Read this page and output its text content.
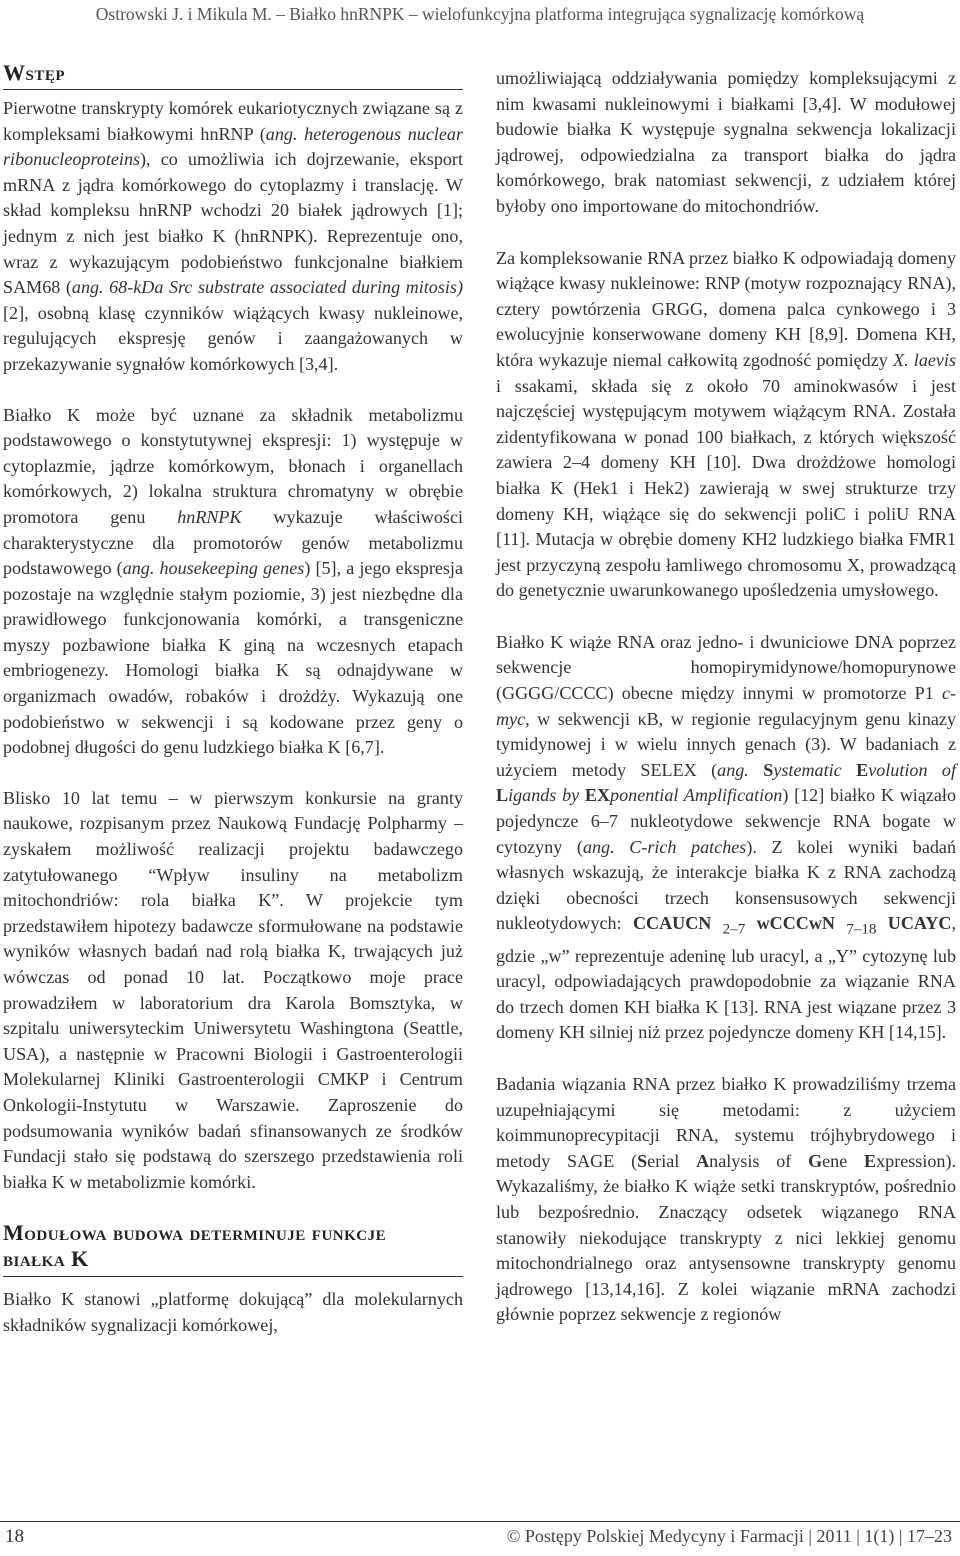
Ostrowski J. i Mikula M. – Białko hnRNPK – wielofunkcyjna platforma integrująca sygnalizację komórkową
Wstęp

Pierwotne transkrypty komórek eukariotycznych związane są z kompleksami białkowymi hnRNP (ang. heterogenous nuclear ribonucleoproteins), co umożliwia ich dojrzewanie, eksport mRNA z jądra komórkowego do cytoplazmy i translację. W skład kompleksu hnRNP wchodzi 20 białek jądrowych [1]; jednym z nich jest białko K (hnRNPK). Reprezentuje ono, wraz z wykazującym podobieństwo funkcjonalne białkiem SAM68 (ang. 68-kDa Src substrate associated during mitosis) [2], osobną klasę czynników wiążących kwasy nukleinowe, regulujących ekspresję genów i zaangażowanych w przekazywanie sygnałów komórkowych [3,4].

Białko K może być uznane za składnik metabolizmu podstawowego o konstytutywnej ekspresji: 1) występuje w cytoplazmie, jądrze komórkowym, błonach i organellach komórkowych, 2) lokalna struktura chromatyny w obrębie promotora genu hnRNPK wykazuje właściwości charakterystyczne dla promotorów genów metabolizmu podstawowego (ang. housekeeping genes) [5], a jego ekspresja pozostaje na względnie stałym poziomie, 3) jest niezbędne dla prawidłowego funkcjonowania komórki, a transgeniczne myszy pozbawione białka K giną na wczesnych etapach embriogenezy. Homologi białka K są odnajdywane w organizmach owadów, robaków i drożdży. Wykazują one podobieństwo w sekwencji i są kodowane przez geny o podobnej długości do genu ludzkiego białka K [6,7].

Blisko 10 lat temu – w pierwszym konkursie na granty naukowe, rozpisanym przez Naukową Fundację Polpharmy – zyskałem możliwość realizacji projektu badawczego zatytułowanego “Wpływ insuliny na metabolizm mitochondriów: rola białka K”. W projekcie tym przedstawiłem hipotezy badawcze sformułowane na podstawie wyników własnych badań nad rolą białka K, trwających już wówczas od ponad 10 lat. Początkowo moje prace prowadziłem w laboratorium dra Karola Bomsztyka, w szpitalu uniwersyteckim Uniwersytetu Washingtona (Seattle, USA), a następnie w Pracowni Biologii i Gastroenterologii Molekularnej Kliniki Gastroenterologii CMKP i Centrum Onkologii-Instytutu w Warszawie. Zaproszenie do podsumowania wyników badań sfinansowanych ze środków Fundacji stało się podstawą do szerszego przedstawienia roli białka K w metabolizmie komórki.

Modułowa budowa determinuje funkcje
białka K

Białko K stanowi „platformę dokującą” dla molekularnych składników sygnalizacji komórkowej,

umożliwiającą oddziaływania pomiędzy kompleksującymi z nim kwasami nukleinowymi i białkami [3,4]. W modułowej budowie białka K występuje sygnalna sekwencja lokalizacji jądrowej, odpowiedzialna za transport białka do jądra komórkowego, brak natomiast sekwencji, z udziałem której byłoby ono importowane do mitochondriów.

Za kompleksowanie RNA przez białko K odpowiadają domeny wiążące kwasy nukleinowe: RNP (motyw rozpoznający RNA), cztery powtórzenia GRGG, domena palca cynkowego i 3 ewolucyjnie konserwowane domeny KH [8,9]. Domena KH, która wykazuje niemal całkowitą zgodność pomiędzy X. laevis i ssakami, składa się z około 70 aminokwasów i jest najczęściej występującym motywem wiążącym RNA. Została zidentyfikowana w ponad 100 białkach, z których większość zawiera 2–4 domeny KH [10]. Dwa drożdżowe homologi białka K (Hek1 i Hek2) zawierają w swej strukturze trzy domeny KH, wiążące się do sekwencji poliC i poliU RNA [11]. Mutacja w obrębie domeny KH2 ludzkiego białka FMR1 jest przyczyną zespołu łamliwego chromosomu X, prowadzącą do genetycznie uwarunkowanego upośledzenia umysłowego.

Białko K wiąże RNA oraz jedno- i dwuniciowe DNA poprzez sekwencje homopirymidynowe/homopurynowe (GGGG/CCCC) obecne między innymi w promotorze P1 c-myc, w sekwencji κB, w regionie regulacyjnym genu kinazy tymidynowej i w wielu innych genach (3). W badaniach z użyciem metody SELEX (ang. Systematic Evolution of Ligands by EXponential Amplification) [12] białko K wiązało pojedyncze 6–7 nukleotydowe sekwencje RNA bogate w cytozyny (ang. C-rich patches). Z kolei wyniki badań własnych wskazują, że interakcje białka K z RNA zachodzą dzięki obecności trzech konsensusowych sekwencji nukleotydowych: CCAUCN $_{2-7}$ wCCCwN $_{7-18}$ UCAYC, gdzie „w” reprezentuje adeninę lub uracyl, a „Y” cytozynę lub uracyl, odpowiadających prawdopodobnie za wiązanie RNA do trzech domen KH białka K [13]. RNA jest wiązane przez 3 domeny KH silniej niż przez pojedyncze domeny KH [14,15].

Badania wiązania RNA przez białko K prowadziliśmy trzema uzupełniającymi się metodami: z użyciem koimmunoprecypitacji RNA, systemu trójhybrydowego i metody SAGE (Serial Analysis of Gene Expression). Wykazaliśmy, że białko K wiąże setki transkryptów, pośrednio lub bezpośrednio. Znaczący odsetek wiązanego RNA stanowiły niekodujące transkrypty z nici lekkiej genomu mitochondrialnego oraz antysensowne transkrypty genomu jądrowego [13,14,16]. Z kolei wiązanie mRNA zachodzi głównie poprzez sekwencje z regionów

18	© Postępy Polskiej Medycyny i Farmacji | 2011 | 1(1) | 17–23
